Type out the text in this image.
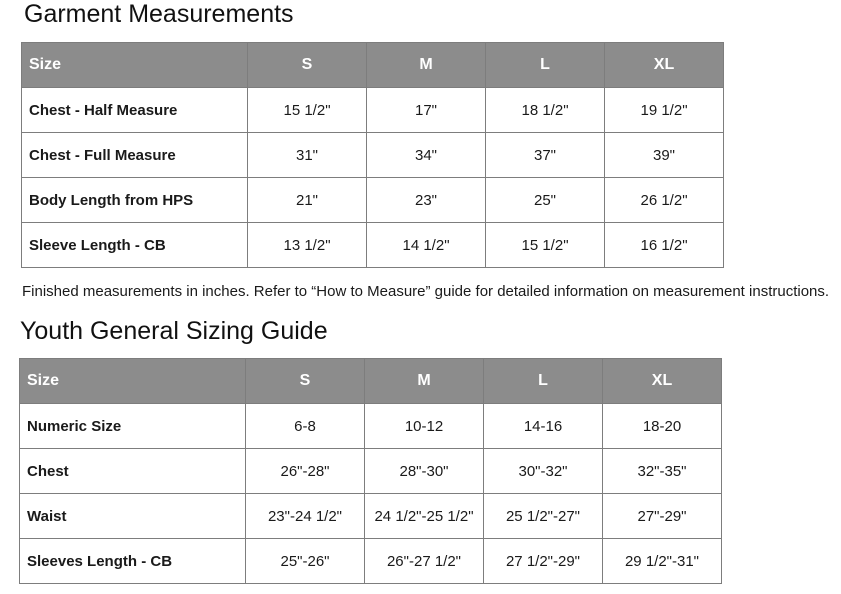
Garment Measurements
Size	S	M	L	XL
Chest - Half Measure	15 1/2"	17"	18 1/2"	19 1/2"
Chest - Full Measure	31"	34"	37"	39"
Body Length from HPS	21"	23"	25"	26 1/2"
Sleeve Length - CB	13 1/2"	14 1/2"	15 1/2"	16 1/2"

Finished measurements in inches. Refer to “How to Measure” guide for detailed information on measurement instructions.

Youth General Sizing Guide
Size	S	M	L	XL
Numeric Size	6-8	10-12	14-16	18-20
Chest	26"-28"	28"-30"	30"-32"	32"-35"
Waist	23"-24 1/2"	24 1/2"-25 1/2"	25 1/2"-27"	27"-29"
Sleeves Length - CB	25"-26"	26"-27 1/2"	27 1/2"-29"	29 1/2"-31"
